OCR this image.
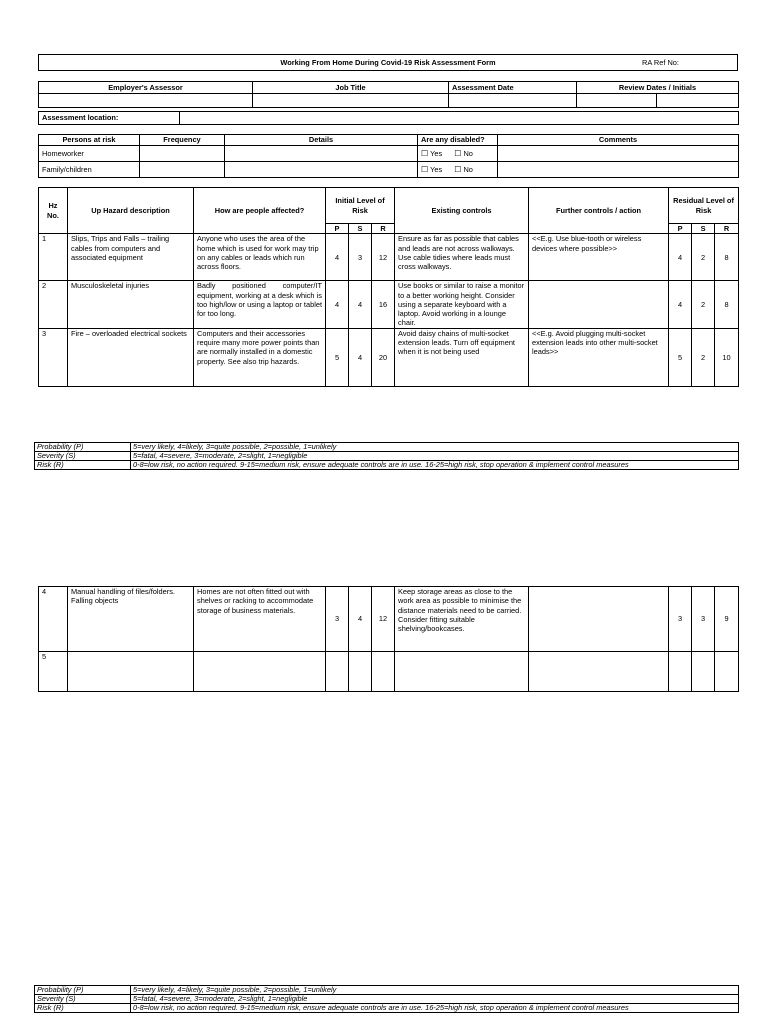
Working From Home During Covid-19 Risk Assessment Form	RA Ref No:
Employer's Assessor	Job Title	Assessment Date	Review Dates / Initials

Assessment location:	
Persons at risk	Frequency	Details	Are any disabled?	Comments
Homeworker			☐ Yes ☐ No	
Family/children			☐ Yes ☐ No	
Hz No.	Up Hazard description	How are people affected?	Initial Level of Risk			Existing controls	Further controls / action	Residual Level of Risk		
			P	S	R			P	S	R
1	Slips, Trips and Falls – trailing cables from computers and associated equipment	Anyone who uses the area of the home which is used for work may trip on any cables or leads which run across floors.	4	3	12	Ensure as far as possible that cables and leads are not across walkways.
Use cable tidies where leads must cross walkways.	<<E.g. Use blue-tooth or wireless devices where possible>>	4	2	8
2	Musculoskeletal injuries	Badly positioned computer/IT equipment, working at a desk which is too high/low or using a laptop or tablet for too long.	4	4	16	Use books or similar to raise a monitor to a better working height. Consider using a separate keyboard with a laptop. Avoid working in a lounge chair.		4	2	8
3	Fire – overloaded electrical sockets	Computers and their accessories require many more power points than are normally installed in a domestic property. See also trip hazards.	5	4	20	Avoid daisy chains of multi-socket extension leads. Turn off equipment when it is not being used	<<E.g. Avoid plugging multi-socket extension leads into other multi-socket leads>>	5	2	10
Probability (P)	5=very likely, 4=likely, 3=quite possible, 2=possible, 1=unlikely
Severity (S)	5=fatal, 4=severe, 3=moderate, 2=slight, 1=negligible
Risk (R)	0-8=low risk, no action required. 9-15=medium risk, ensure adequate controls are in use. 16-25=high risk, stop operation & implement control measures
4	Manual handling of files/folders.
Falling objects	Homes are not often fitted out with shelves or racking to accommodate storage of business materials.	3	4	12	Keep storage areas as close to the work area as possible to minimise the distance materials need to be carried. Consider fitting suitable shelving/bookcases.		3	3	9
5										
Probability (P)	5=very likely, 4=likely, 3=quite possible, 2=possible, 1=unlikely
Severity (S)	5=fatal, 4=severe, 3=moderate, 2=slight, 1=negligible
Risk (R)	0-8=low risk, no action required. 9-15=medium risk, ensure adequate controls are in use. 16-25=high risk, stop operation & implement control measures
